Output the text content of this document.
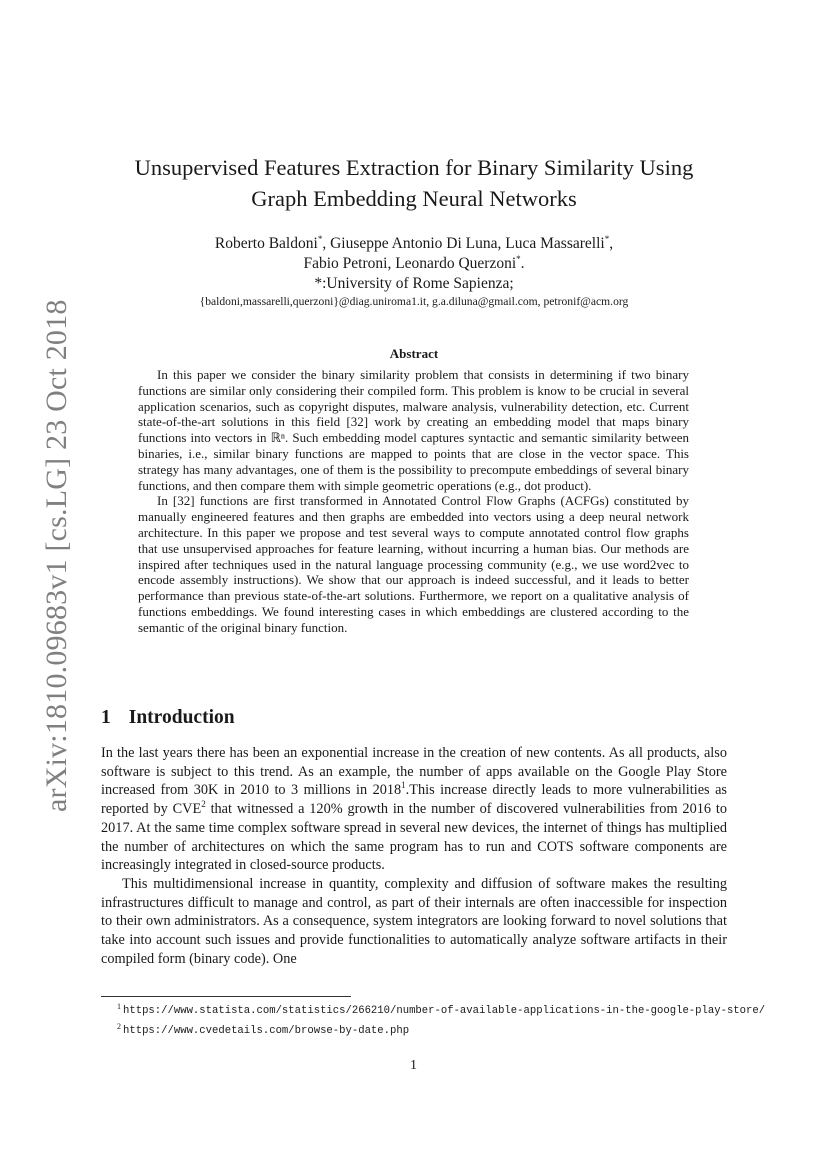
arXiv:1810.09683v1 [cs.LG] 23 Oct 2018
Unsupervised Features Extraction for Binary Similarity Using
Graph Embedding Neural Networks
Roberto Baldoni*, Giuseppe Antonio Di Luna, Luca Massarelli*,
Fabio Petroni, Leonardo Querzoni*.
*:University of Rome Sapienza;
{baldoni,massarelli,querzoni}@diag.uniroma1.it, g.a.diluna@gmail.com, petronif@acm.org
Abstract

In this paper we consider the binary similarity problem that consists in determining if two binary functions are similar only considering their compiled form. This problem is know to be crucial in several application scenarios, such as copyright disputes, malware analysis, vulnerability detection, etc. Current state-of-the-art solutions in this field [32] work by creating an embedding model that maps binary functions into vectors in ℝⁿ. Such embedding model captures syntactic and semantic similarity between binaries, i.e., similar binary functions are mapped to points that are close in the vector space. This strategy has many advantages, one of them is the possibility to precompute embeddings of several binary functions, and then compare them with simple geometric operations (e.g., dot product).

In [32] functions are first transformed in Annotated Control Flow Graphs (ACFGs) constituted by manually engineered features and then graphs are embedded into vectors using a deep neural network architecture. In this paper we propose and test several ways to compute annotated control flow graphs that use unsupervised approaches for feature learning, without incurring a human bias. Our methods are inspired after techniques used in the natural language processing community (e.g., we use word2vec to encode assembly instructions). We show that our approach is indeed successful, and it leads to better performance than previous state-of-the-art solutions. Furthermore, we report on a qualitative analysis of functions embeddings. We found interesting cases in which embeddings are clustered according to the semantic of the original binary function.

1 Introduction

In the last years there has been an exponential increase in the creation of new contents. As all products, also software is subject to this trend. As an example, the number of apps available on the Google Play Store increased from 30K in 2010 to 3 millions in 2018$^1$.This increase directly leads to more vulnerabilities as reported by CVE$^2$ that witnessed a 120% growth in the number of discovered vulnerabilities from 2016 to 2017. At the same time complex software spread in several new devices, the internet of things has multiplied the number of architectures on which the same program has to run and COTS software components are increasingly integrated in closed-source products.

This multidimensional increase in quantity, complexity and diffusion of software makes the resulting infrastructures difficult to manage and control, as part of their internals are often inaccessible for inspection to their own administrators. As a consequence, system integrators are looking forward to novel solutions that take into account such issues and provide functionalities to automatically analyze software artifacts in their compiled form (binary code). One

$^1$ https://www.statista.com/statistics/266210/number-of-available-applications-in-the-google-play-store/
$^2$ https://www.cvedetails.com/browse-by-date.php
1
